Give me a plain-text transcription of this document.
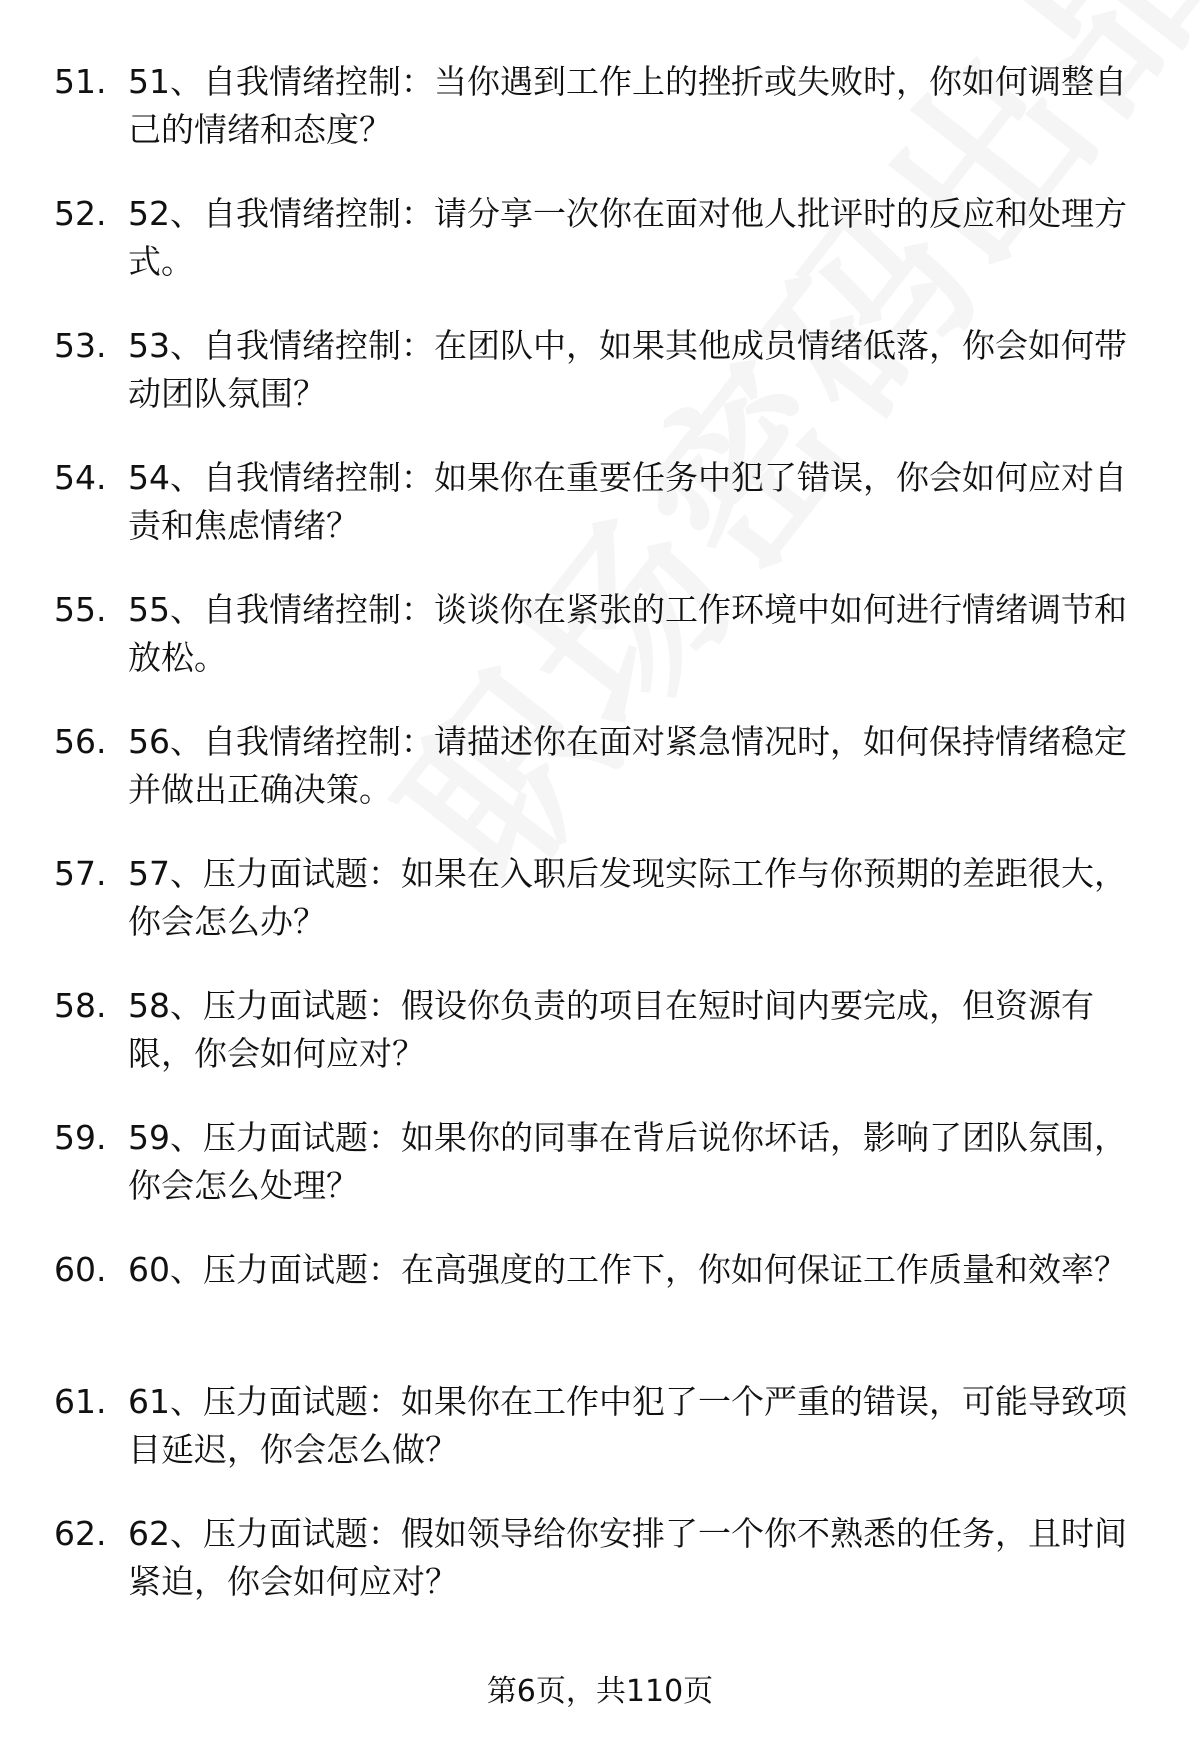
51. 51、自我情绪控制：当你遇到工作上的挫折或失败时，你如何调整自己的情绪和态度？
52. 52、自我情绪控制：请分享一次你在面对他人批评时的反应和处理方式。
53. 53、自我情绪控制：在团队中，如果其他成员情绪低落，你会如何带动团队氛围？
54. 54、自我情绪控制：如果你在重要任务中犯了错误，你会如何应对自责和焦虑情绪？
55. 55、自我情绪控制：谈谈你在紧张的工作环境中如何进行情绪调节和放松。
56. 56、自我情绪控制：请描述你在面对紧急情况时，如何保持情绪稳定并做出正确决策。
57. 57、压力面试题：如果在入职后发现实际工作与你预期的差距很大，你会怎么办？
58. 58、压力面试题：假设你负责的项目在短时间内要完成，但资源有限，你会如何应对？
59. 59、压力面试题：如果你的同事在背后说你坏话，影响了团队氛围，你会怎么处理？
60. 60、压力面试题：在高强度的工作下，你如何保证工作质量和效率？
61. 61、压力面试题：如果你在工作中犯了一个严重的错误，可能导致项目延迟，你会怎么做？
62. 62、压力面试题：假如领导给你安排了一个你不熟悉的任务，且时间紧迫，你会如何应对？
第6页，共110页
